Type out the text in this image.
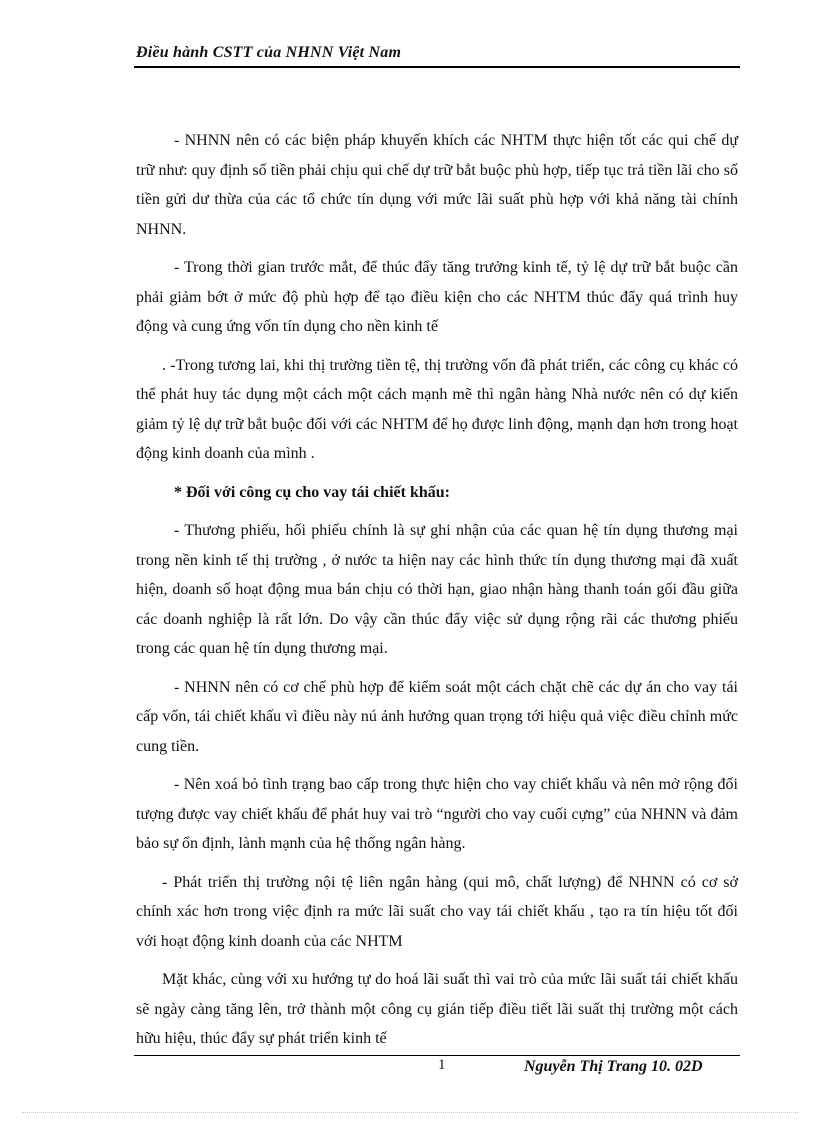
Điều hành CSTT của NHNN Việt Nam

- NHNN nên có các biện pháp khuyến khích các NHTM thực hiện tốt các qui chế dự trữ như: quy định số tiền phải chịu qui chế dự trữ bắt buộc phù hợp, tiếp tục trả tiền lãi cho số tiền gửi dư thừa của các tổ chức tín dụng với mức lãi suất phù hợp với khả năng tài chính NHNN.

- Trong thời gian trước mắt, để thúc đẩy tăng trưởng kinh tế, tỷ lệ dự trữ bắt buộc cần phải giảm bớt ở mức độ phù hợp để tạo điều kiện cho các NHTM thúc đẩy quá trình huy động và cung ứng vốn tín dụng cho nền kinh tế

. -Trong tương lai, khi thị trường tiền tệ, thị trường vốn đã phát triển, các công cụ khác có thể phát huy tác dụng một cách một cách mạnh mẽ thì ngân hàng Nhà nước nên có dự kiến giảm tỷ lệ dự trữ bắt buộc đối với các NHTM để họ được linh động, mạnh dạn hơn trong hoạt động kinh doanh của mình .

* Đối với công cụ cho vay tái chiết khấu:

- Thương phiếu, hối phiếu chính là sự ghi nhận của các quan hệ tín dụng thương mại trong nền kinh tế thị trường , ở nước ta hiện nay các hình thức tín dụng thương mại đã xuất hiện, doanh số hoạt động mua bán chịu có thời hạn, giao nhận hàng thanh toán gối đầu giữa các doanh nghiệp là rất lớn. Do vậy cần thúc đẩy việc sử dụng rộng rãi các thương phiếu trong các quan hệ tín dụng thương mại.

- NHNN nên có cơ chế phù hợp để kiểm soát một cách chặt chẽ các dự án cho vay tái cấp vốn, tái chiết khấu vì điều này nú ảnh hưởng quan trọng tới hiệu quả việc điều chỉnh mức cung tiền.

- Nên xoá bỏ tình trạng bao cấp trong thực hiện cho vay chiết khấu và nên mở rộng đối tượng được vay chiết khấu để phát huy vai trò “người cho vay cuối cựng” của NHNN và đảm bảo sự ổn định, lành mạnh của hệ thống ngân hàng.

- Phát triển thị trường nội tệ liên ngân hàng (qui mô, chất lượng) để NHNN có cơ sở chính xác hơn trong việc định ra mức lãi suất cho vay tái chiết khấu , tạo ra tín hiệu tốt đối với hoạt động kinh doanh của các NHTM

Mặt khác, cùng với xu hướng tự do hoá lãi suất thì vai trò của mức lãi suất tái chiết khấu sẽ ngày càng tăng lên, trở thành một công cụ gián tiếp điều tiết lãi suất thị trường một cách hữu hiệu, thúc đẩy sự phát triển kinh tế

1	Nguyễn Thị Trang 10. 02D
